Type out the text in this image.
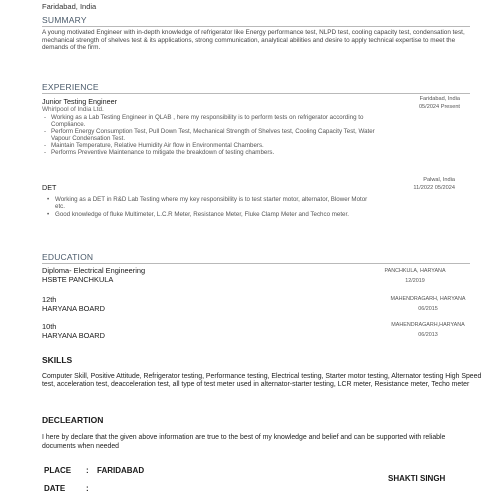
Faridabad, India
SUMMARY
A young motivated Engineer with in-depth knowledge of refrigerator like Energy performance test, NLPD test, cooling capacity test, condensation test, mechanical strength of shelves test & its applications, strong communication, analytical abilities and desire to apply technical expertise to meet the demands of the firm.
EXPERIENCE
Junior Testing Engineer
Whirlpool of India Ltd.
Faridabad, India
05/2024 Present
- Working as a Lab Testing Engineer in QLAB , here my responsibility is to perform tests on refrigerator according to Compliance.
- Perform Energy Consumption Test, Pull Down Test, Mechanical Strength of Shelves test, Cooling Capacity Test, Water Vapour Condensation Test.
- Maintain Temperature, Relative Humidity Air flow in Environmental Chambers.
- Performs Preventive Maintenance to mitigate the breakdown of testing chambers.
Palwal, India
11/2022 05/2024
DET
• Working as a DET in R&D Lab Testing where my key responsibility is to test starter motor, alternator, Blower Motor etc.
• Good knowledge of fluke Multimeter, L.C.R Meter, Resistance Meter, Fluke Clamp Meter and Techco meter.
EDUCATION
Diploma- Electrical Engineering
HSBTE PANCHKULA
PANCHKULA, HARYANA
12/2019
12th
HARYANA BOARD
MAHENDRAGARH, HARYANA
06/2015
10th
HARYANA BOARD
MAHENDRAGARH,HARYANA
06/2013
SKILLS
Computer Skill, Positive Attitude, Refrigerator testing, Performance testing, Electrical testing, Starter motor testing, Alternator testing High Speed test, acceleration test, deacceleration test, all type of test meter used in alternator-starter testing, LCR meter, Resistance meter, Techo meter
DECLEARTION
I here by declare that the given above information are true to the best of my knowledge and belief and can be supported with reliable documents when needed
PLACE : FARIDABAD
DATE	:
SHAKTI SINGH
